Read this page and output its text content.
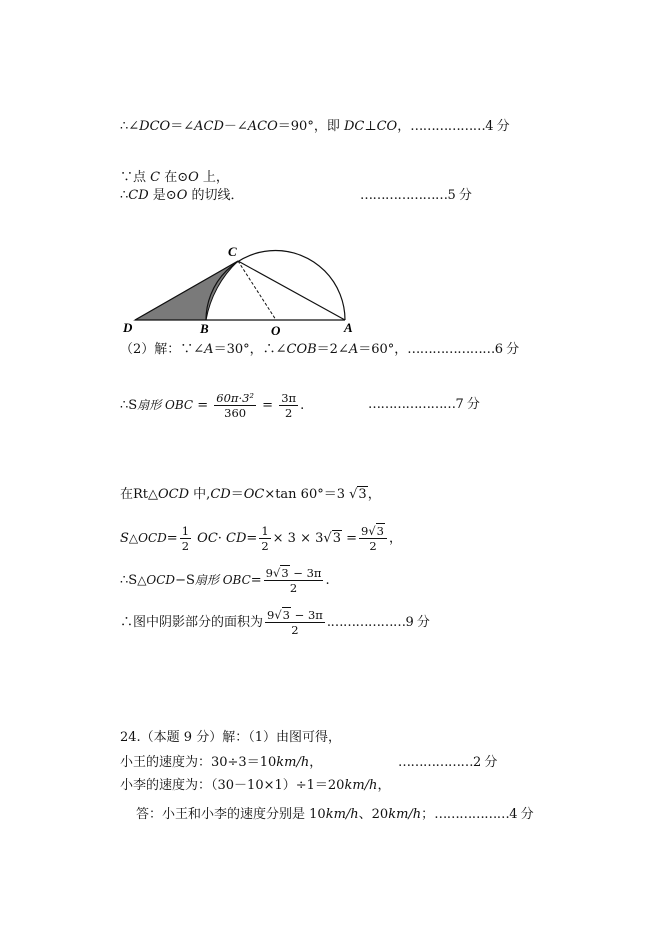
∴∠DCO＝∠ACD－∠ACO＝90°，即 DC⊥CO，………………4 分
∵点 C 在⊙O 上，
∴CD 是⊙O 的切线．	…………………5 分
C
D	B	O	A
（2）解：∵∠A＝30°，∴∠COB＝2∠A＝60°，…………………6 分
∴S扇形 OBC = $\frac{\text{60π·3²}}{360} = \frac{3\pi}{2}$ .	…………………7 分
在Rt△OCD 中,CD＝OC×tan 60°＝3 √3，
S△OCD= $\frac{1}{2} OC\cdot CD= \frac{1}{2} \times 3 \times 3√3 = \frac{9√3}{2}$ ，
∴S△OCD−S扇形 $OBC= \frac{9√3 - 3\pi}{2}$ .
∴图中阴影部分的面积为 $\frac{9√3 - 3\pi}{2}$ .………………9 分
24.（本题 9 分）解：（1）由图可得，
小王的速度为：30÷3＝10km/h，	………………2 分
小李的速度为：（30－10×1）÷1＝20km/h，
答：小王和小李的速度分别是 10km/h、20km/h；………………4 分
